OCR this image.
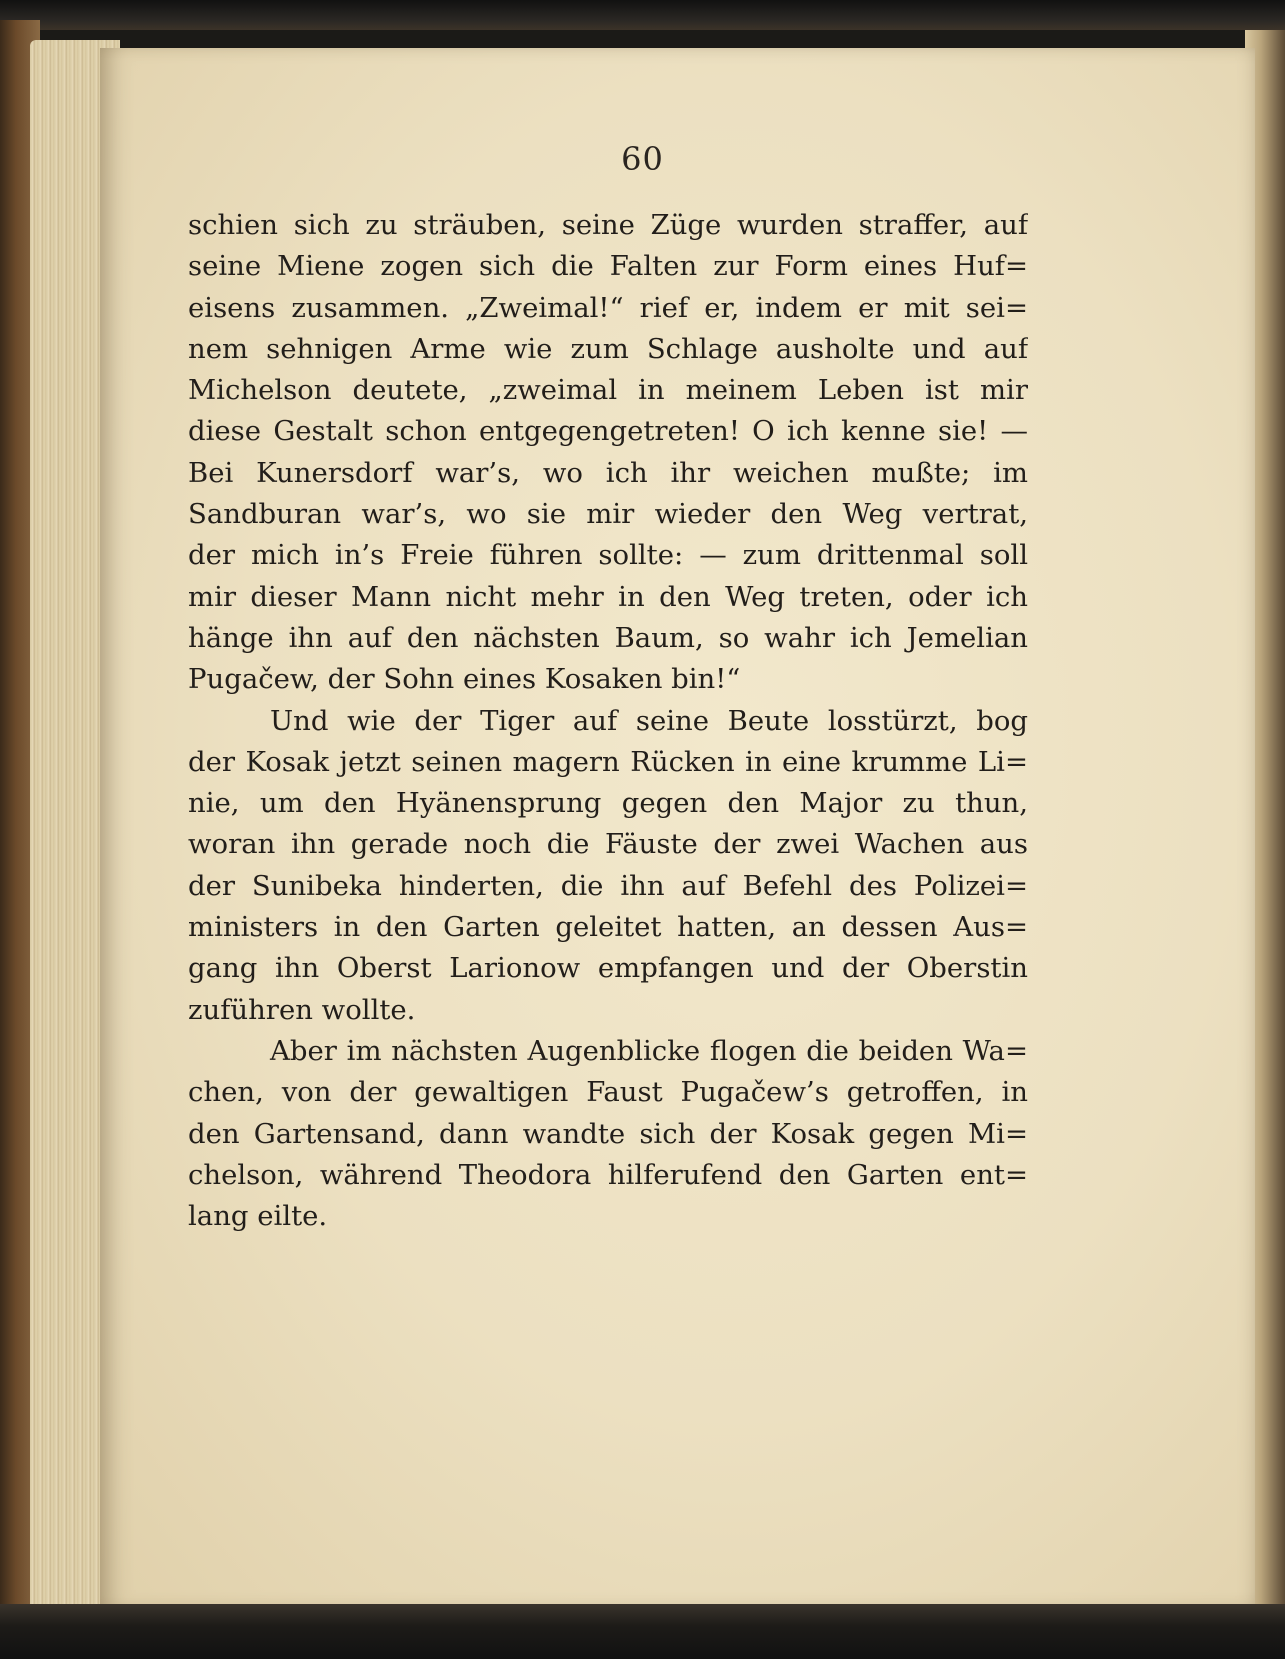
60
schien sich zu sträuben, seine Züge wurden straffer, auf
seine Miene zogen sich die Falten zur Form eines Huf=
eisens zusammen. „Zweimal!“ rief er, indem er mit sei=
nem sehnigen Arme wie zum Schlage ausholte und auf
Michelson deutete, „zweimal in meinem Leben ist mir
diese Gestalt schon entgegengetreten! O ich kenne sie! —
Bei Kunersdorf war’s, wo ich ihr weichen mußte; im
Sandburan war’s, wo sie mir wieder den Weg vertrat,
der mich in’s Freie führen sollte: — zum drittenmal soll
mir dieser Mann nicht mehr in den Weg treten, oder ich
hänge ihn auf den nächsten Baum, so wahr ich Jemelian
Pugačew, der Sohn eines Kosaken bin!“
Und wie der Tiger auf seine Beute losstürzt, bog
der Kosak jetzt seinen magern Rücken in eine krumme Li=
nie, um den Hyänensprung gegen den Major zu thun,
woran ihn gerade noch die Fäuste der zwei Wachen aus
der Sunibeka hinderten, die ihn auf Befehl des Polizei=
ministers in den Garten geleitet hatten, an dessen Aus=
gang ihn Oberst Larionow empfangen und der Oberstin
zuführen wollte.
Aber im nächsten Augenblicke flogen die beiden Wa=
chen, von der gewaltigen Faust Pugačew’s getroffen, in
den Gartensand, dann wandte sich der Kosak gegen Mi=
chelson, während Theodora hilferufend den Garten ent=
lang eilte.
